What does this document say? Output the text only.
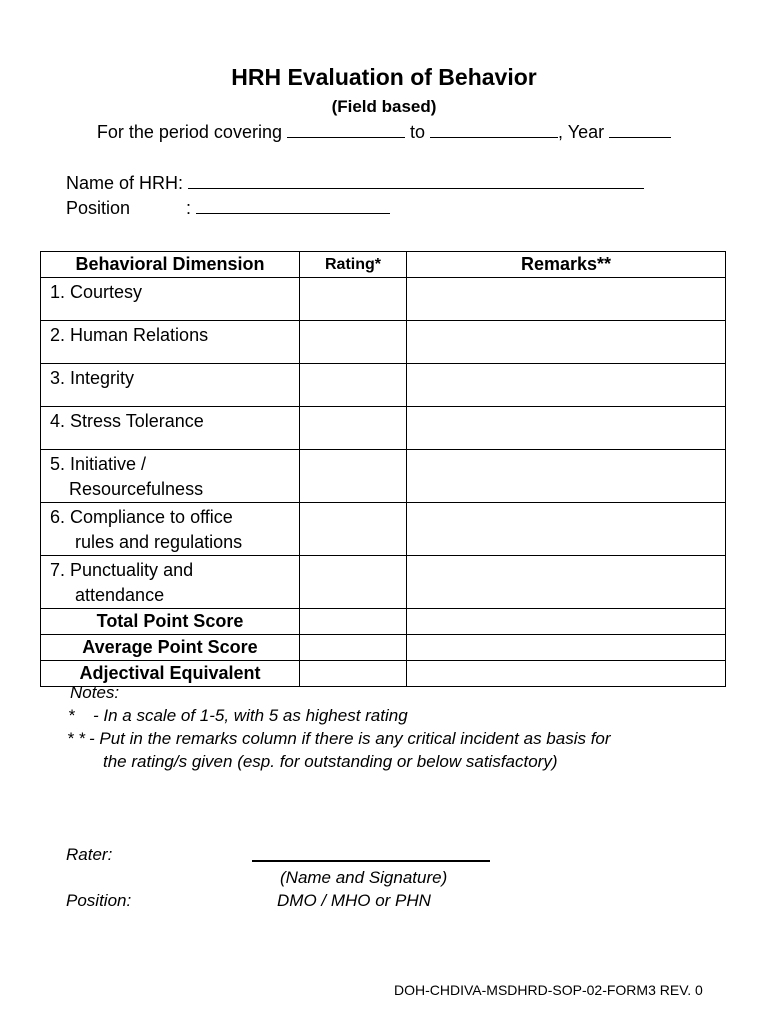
HRH Evaluation of Behavior
(Field based)
For the period covering	to	, Year
Name of HRH:
Position	:
Behavioral Dimension	Rating*	Remarks**
1. Courtesy		
2. Human Relations		
3. Integrity		
4. Stress Tolerance		
5. Initiative /
Resourcefulness		

6. Compliance to office
rules and regulations		

7. Punctuality and
attendance		

Total Point Score		
Average Point Score		
Adjectival Equivalent		
Notes:
* - In a scale of 1-5, with 5 as highest rating
* * - Put in the remarks column if there is any critical incident as basis for
the rating/s given (esp. for outstanding or below satisfactory)
Rater:
(Name and Signature)
Position:	DMO / MHO or PHN
DOH-CHDIVA-MSDHRD-SOP-02-FORM3 REV. 0
